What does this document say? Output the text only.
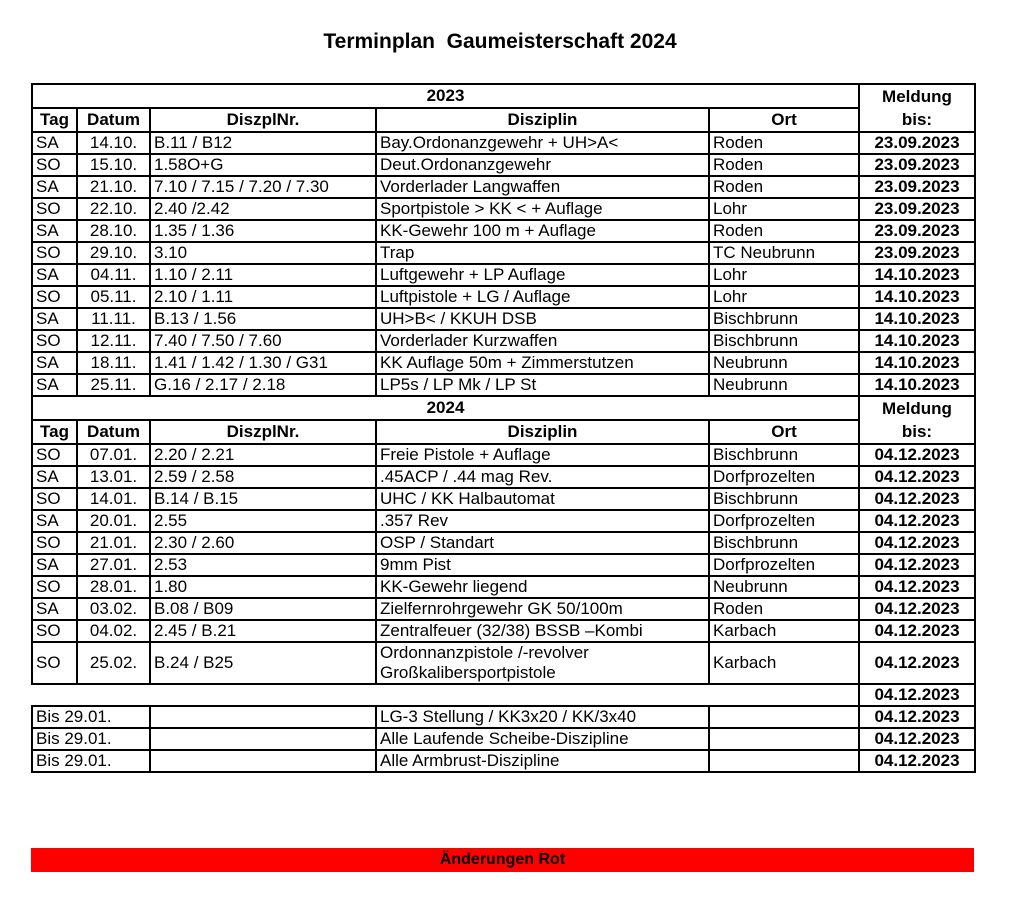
Terminplan  Gaumeisterschaft 2024
2023					Meldung
bis:
Tag	Datum	DiszplNr.	Disziplin	Ort	
SA	14.10.	B.11 / B12	Bay.Ordonanzgewehr + UH>A<	Roden	23.09.2023
SO	15.10.	1.58O+G	Deut.Ordonanzgewehr	Roden	23.09.2023
SA	21.10.	7.10 / 7.15 / 7.20 / 7.30	Vorderlader Langwaffen	Roden	23.09.2023
SO	22.10.	2.40 /2.42	Sportpistole > KK < + Auflage	Lohr	23.09.2023
SA	28.10.	1.35 / 1.36	KK-Gewehr 100 m + Auflage	Roden	23.09.2023
SO	29.10.	3.10	Trap	TC Neubrunn	23.09.2023
SA	04.11.	1.10 / 2.11	Luftgewehr + LP Auflage	Lohr	14.10.2023
SO	05.11.	2.10 / 1.11	Luftpistole + LG / Auflage	Lohr	14.10.2023
SA	11.11.	B.13 / 1.56	UH>B< / KKUH DSB	Bischbrunn	14.10.2023
SO	12.11.	7.40 / 7.50 / 7.60	Vorderlader Kurzwaffen	Bischbrunn	14.10.2023
SA	18.11.	1.41 / 1.42 / 1.30 / G31	KK Auflage 50m + Zimmerstutzen	Neubrunn	14.10.2023
SA	25.11.	G.16 / 2.17 / 2.18	LP5s / LP Mk / LP St	Neubrunn	14.10.2023
2024					Meldung
bis:
Tag	Datum	DiszplNr.	Disziplin	Ort	
SO	07.01.	2.20 / 2.21	Freie Pistole + Auflage	Bischbrunn	04.12.2023
SA	13.01.	2.59 / 2.58	.45ACP / .44 mag Rev.	Dorfprozelten	04.12.2023
SO	14.01.	B.14 / B.15	UHC / KK Halbautomat	Bischbrunn	04.12.2023
SA	20.01.	2.55	.357 Rev	Dorfprozelten	04.12.2023
SO	21.01.	2.30 / 2.60	OSP / Standart	Bischbrunn	04.12.2023
SA	27.01.	2.53	9mm Pist	Dorfprozelten	04.12.2023
SO	28.01.	1.80	KK-Gewehr liegend	Neubrunn	04.12.2023
SA	03.02.	B.08 / B09	Zielfernrohrgewehr GK 50/100m	Roden	04.12.2023
SO	04.02.	2.45 / B.21	Zentralfeuer (32/38) BSSB –Kombi	Karbach	04.12.2023
SO	25.02.	B.24 / B25	Ordonnanzpistole /-revolver
Großkalibersportpistole	Karbach	04.12.2023
					04.12.2023
Bis 29.01.			LG-3 Stellung / KK3x20 / KK/3x40		04.12.2023
Bis 29.01.			Alle Laufende Scheibe-Diszipline		04.12.2023
Bis 29.01.			Alle Armbrust-Diszipline		04.12.2023
Änderungen Rot
